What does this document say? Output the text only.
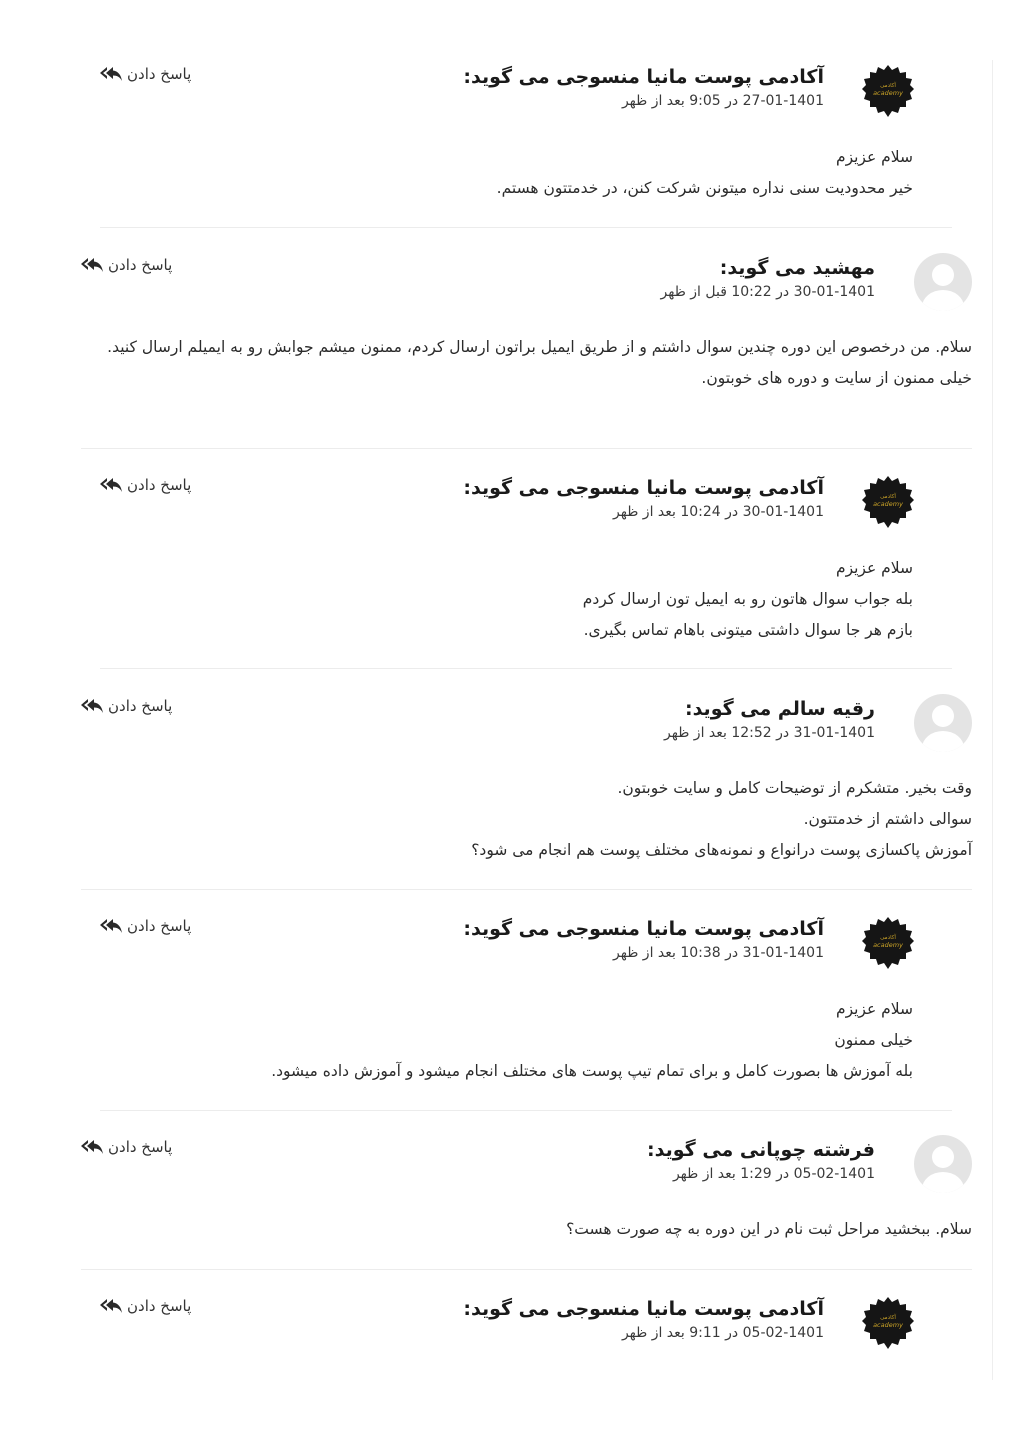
آکادمی
academy
آکادمی پوست مانیا منسوجی می گوید:
27-01-1401 در 9:05 بعد از ظهر
پاسخ دادن

سلام عزیزم

خیر محدودیت سنی نداره میتونن شرکت کنن، در خدمتتون هستم.

مهشید می گوید:
30-01-1401 در 10:22 قبل از ظهر
پاسخ دادن

سلام. من درخصوص این دوره چندین سوال داشتم و از طریق ایمیل براتون ارسال کردم، ممنون میشم جوابش رو به ایمیلم ارسال کنید.

خیلی ممنون از سایت و دوره های خوبتون.

آکادمی
academy
آکادمی پوست مانیا منسوجی می گوید:
30-01-1401 در 10:24 بعد از ظهر
پاسخ دادن

سلام عزیزم

بله جواب سوال هاتون رو به ایمیل تون ارسال کردم

بازم هر جا سوال داشتی میتونی باهام تماس بگیری.

رقیه سالم می گوید:
31-01-1401 در 12:52 بعد از ظهر
پاسخ دادن

وقت بخیر. متشکرم از توضیحات کامل و سایت خوبتون.

سوالی داشتم از خدمتتون.

آموزش پاکسازی پوست درانواع و نمونه‌های مختلف پوست هم انجام می شود؟

آکادمی
academy
آکادمی پوست مانیا منسوجی می گوید:
31-01-1401 در 10:38 بعد از ظهر
پاسخ دادن

سلام عزیزم

خیلی ممنون

بله آموزش ها بصورت کامل و برای تمام تیپ پوست های مختلف انجام میشود و آموزش داده میشود.

فرشته چوپانی می گوید:
05-02-1401 در 1:29 بعد از ظهر
پاسخ دادن

سلام. ببخشید مراحل ثبت نام در این دوره به چه صورت هست؟

آکادمی
academy
آکادمی پوست مانیا منسوجی می گوید:
05-02-1401 در 9:11 بعد از ظهر
پاسخ دادن
